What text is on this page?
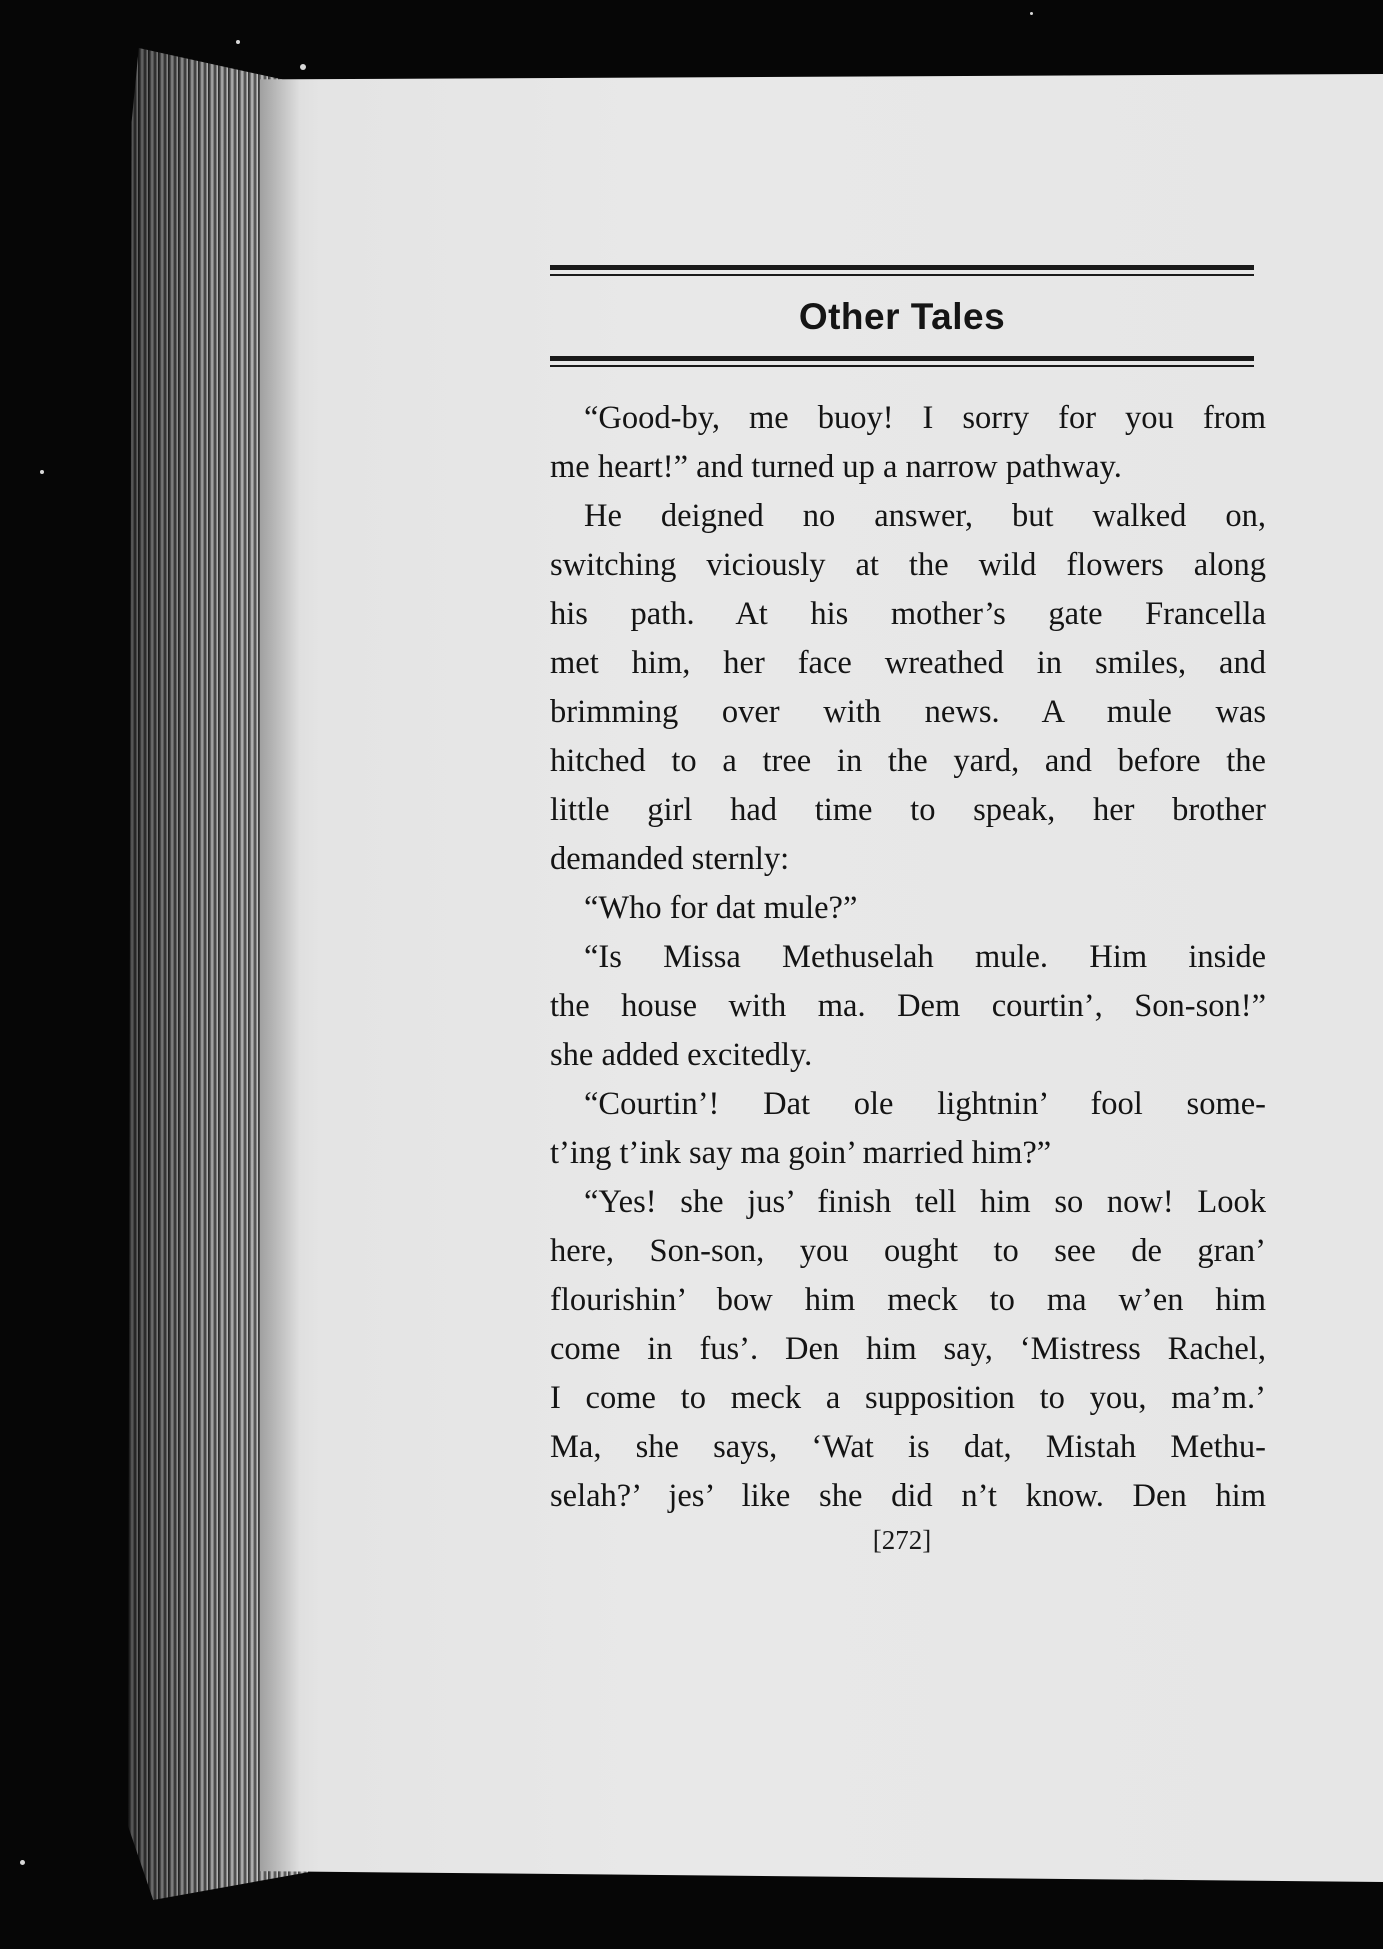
Other Tales
“Good-by, me buoy! I sorry for you from
me heart!” and turned up a narrow pathway.
He deigned no answer, but walked on,
switching viciously at the wild flowers along
his path. At his mother’s gate Francella
met him, her face wreathed in smiles, and
brimming over with news. A mule was
hitched to a tree in the yard, and before the
little girl had time to speak, her brother
demanded sternly:
“Who for dat mule?”
“Is Missa Methuselah mule. Him inside
the house with ma. Dem courtin’, Son-son!”
she added excitedly.
“Courtin’! Dat ole lightnin’ fool some-
t’ing t’ink say ma goin’ married him?”
“Yes! she jus’ finish tell him so now! Look
here, Son-son, you ought to see de gran’
flourishin’ bow him meck to ma w’en him
come in fus’. Den him say, ‘Mistress Rachel,
I come to meck a supposition to you, ma’m.’
Ma, she says, ‘Wat is dat, Mistah Methu-
selah?’ jes’ like she did n’t know. Den him
[272]
